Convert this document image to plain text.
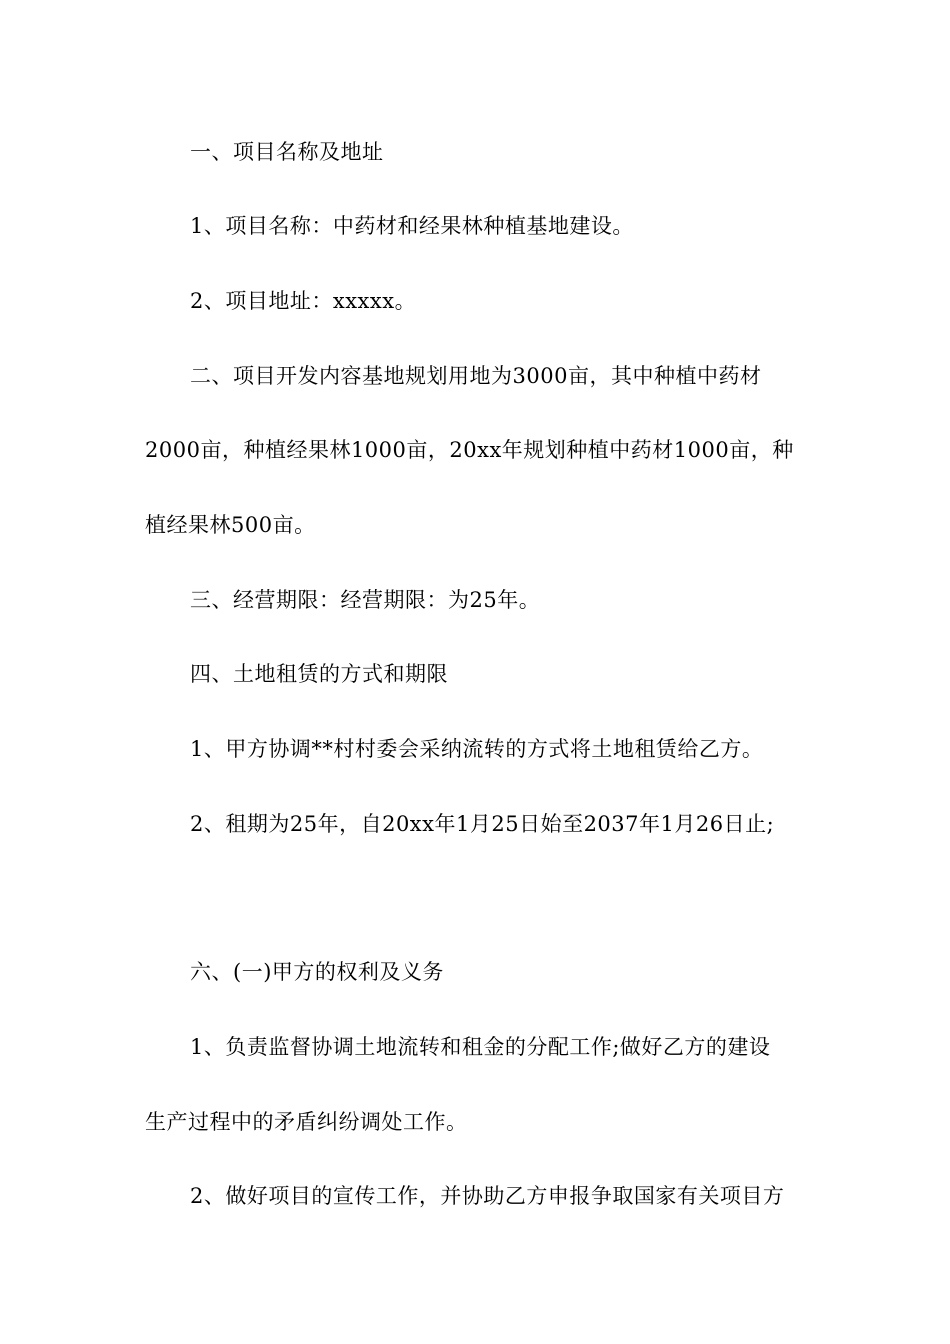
一、项目名称及地址
1、项目名称：中药材和经果林种植基地建设。
2、项目地址：xxxxx。
二、项目开发内容基地规划用地为3000亩，其中种植中药材
2000亩，种植经果林1000亩，20xx年规划种植中药材1000亩，种
植经果林500亩。
三、经营期限：经营期限：为25年。
四、土地租赁的方式和期限
1、甲方协调**村村委会采纳流转的方式将土地租赁给乙方。
2、租期为25年，自20xx年1月25日始至2037年1月26日止;
六、(一)甲方的权利及义务
1、负责监督协调土地流转和租金的分配工作;做好乙方的建设
生产过程中的矛盾纠纷调处工作。
2、做好项目的宣传工作，并协助乙方申报争取国家有关项目方
